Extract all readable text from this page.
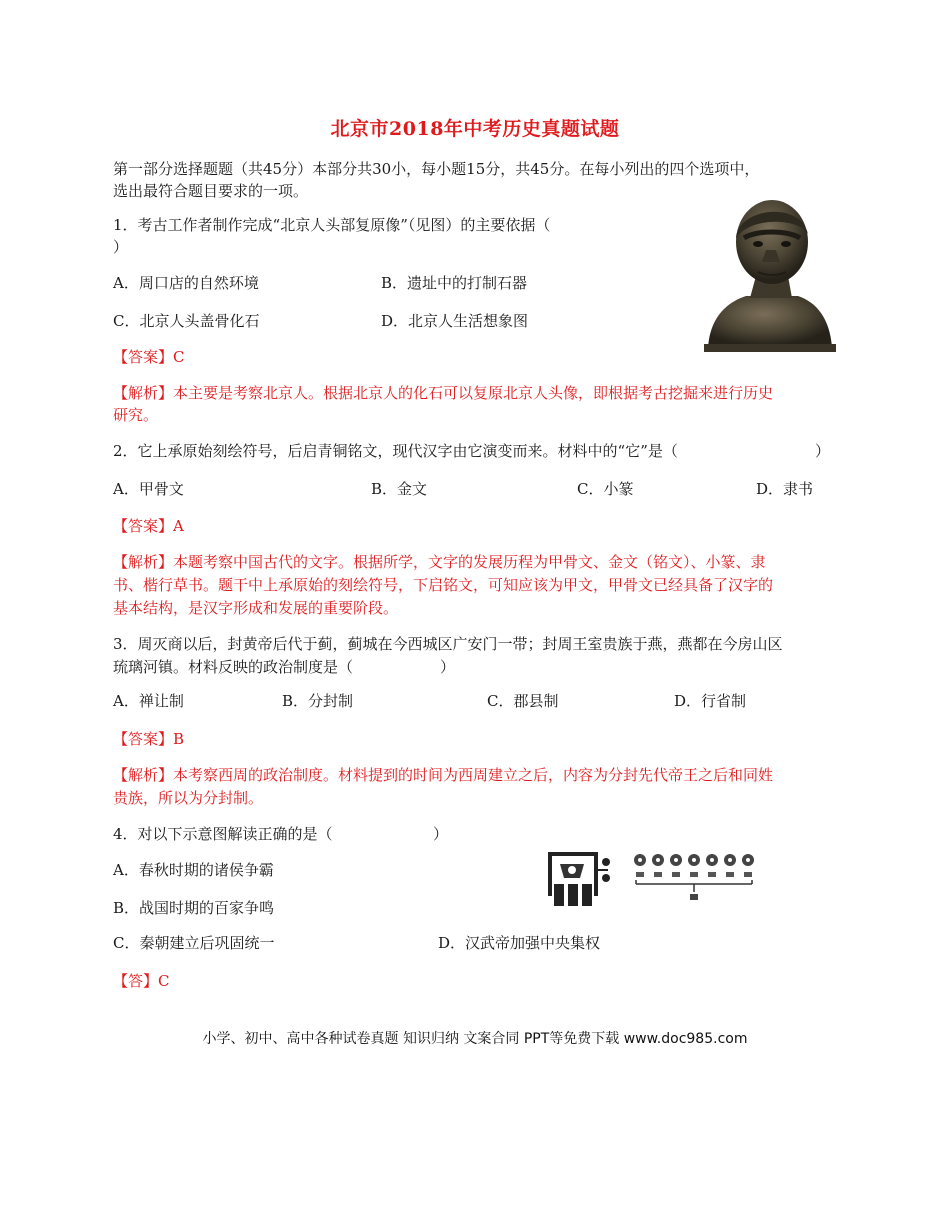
北京市2018年中考历史真题试题
第一部分选择题题（共45分）本部分共30小，每小题15分，共45分。在每小列出的四个选项中，
选出最符合题目要求的一项。
1．考古工作者制作完成“北京人头部复原像”（见图）的主要依据（
）
A．周口店的自然环境	B．遗址中的打制石器
C．北京人头盖骨化石	D．北京人生活想象图
【答案】C
【解析】本主要是考察北京人。根据北京人的化石可以复原北京人头像，即根据考古挖掘来进行历史
研究。
2．它上承原始刻绘符号，后启青铜铭文，现代汉字由它演变而来。材料中的“它”是（	）
A．甲骨文	B．金文	C．小篆	D．隶书
【答案】A
【解析】本题考察中国古代的文字。根据所学，文字的发展历程为甲骨文、金文（铭文）、小篆、隶
书、楷行草书。题干中上承原始的刻绘符号，下启铭文，可知应该为甲文，甲骨文已经具备了汉字的
基本结构，是汉字形成和发展的重要阶段。
3．周灭商以后，封黄帝后代于蓟，蓟城在今西城区广安门一带；封周王室贵族于燕，燕都在今房山区
琉璃河镇。材料反映的政治制度是（	）
A．禅让制	B．分封制	C．郡县制	D．行省制
【答案】B
【解析】本考察西周的政治制度。材料提到的时间为西周建立之后，内容为分封先代帝王之后和同姓
贵族，所以为分封制。
4．对以下示意图解读正确的是（	）
A．春秋时期的诸侯争霸
B．战国时期的百家争鸣
C．秦朝建立后巩固统一	D．汉武帝加强中央集权
【答】C
小学、初中、高中各种试卷真题 知识归纳 文案合同 PPT等免费下载 www.doc985.com
